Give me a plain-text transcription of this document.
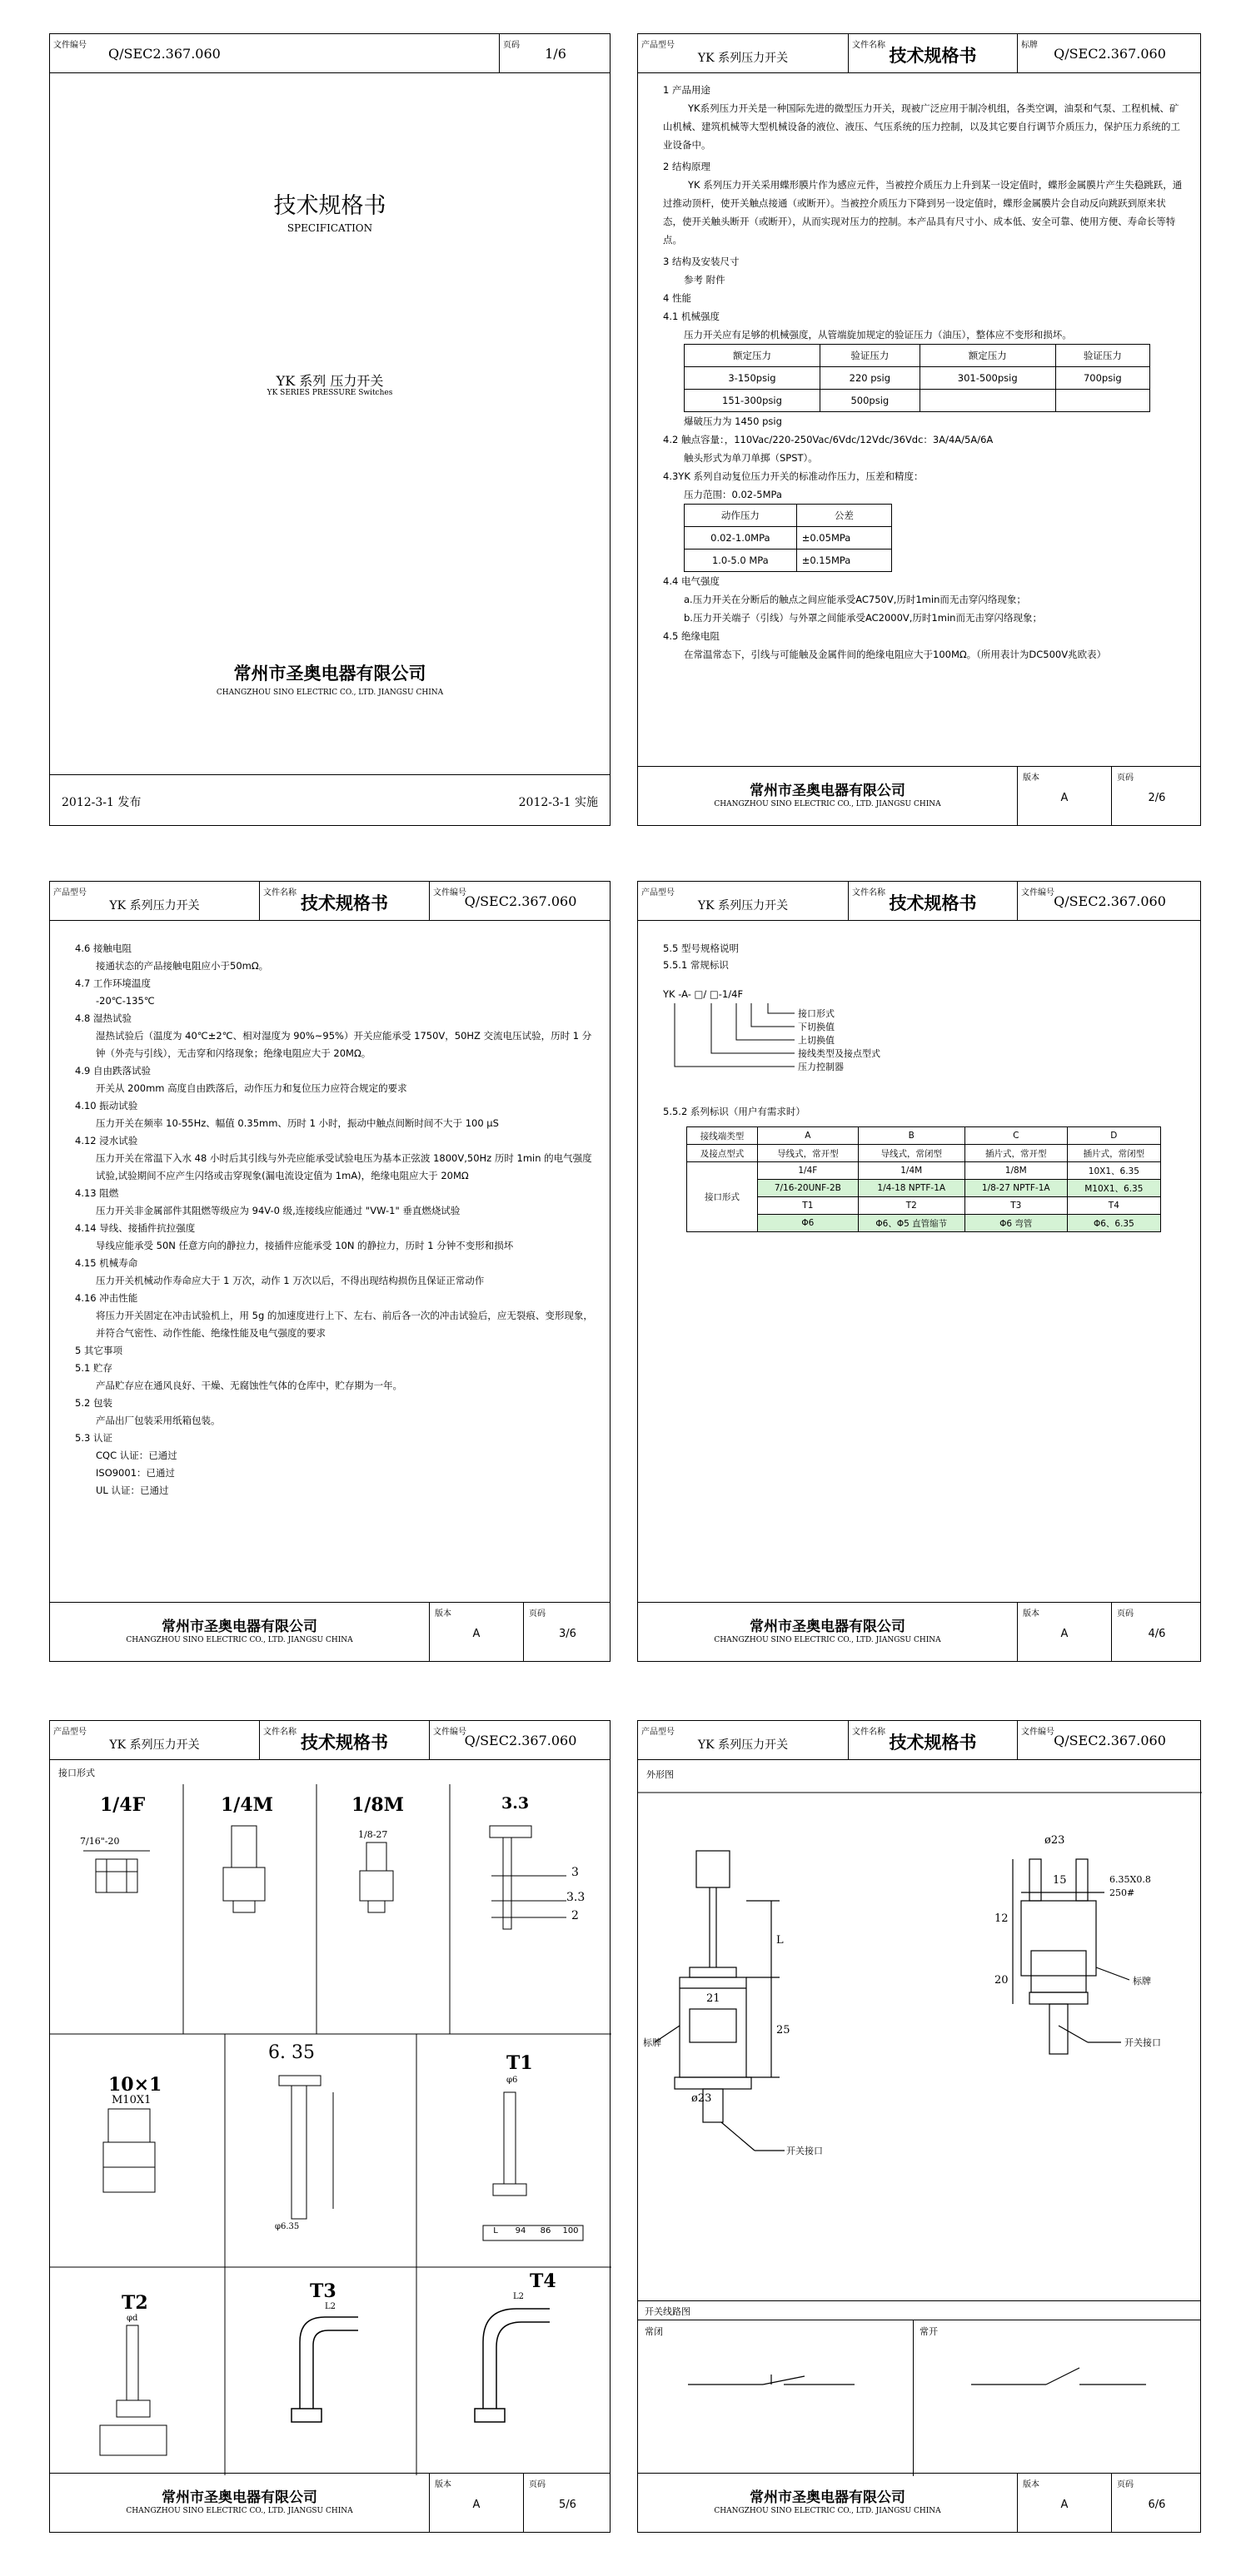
文件编号
Q/SEC2.367.060
页码
1/6
技术规格书
SPECIFICATION
YK 系列 压力开关
YK SERIES PRESSURE Switches
常州市圣奥电器有限公司
CHANGZHOU SINO ELECTRIC CO., LTD. JIANGSU CHINA
2012-3-1 发布	2012-3-1 实施
产品型号
YK 系列压力开关
文件名称 技术规格书	标牌
Q/SEC2.367.060

1 产品用途

YK系列压力开关是一种国际先进的微型压力开关，现被广泛应用于制冷机组，各类空调，油泵和气泵、工程机械、矿山机械、建筑机械等大型机械设备的液位、液压、气压系统的压力控制，以及其它要自行调节介质压力，保护压力系统的工业设备中。

2 结构原理

YK 系列压力开关采用蝶形膜片作为感应元件，当被控介质压力上升到某一设定值时，蝶形金属膜片产生失稳跳跃，通过推动顶杆，使开关触点接通（或断开）。当被控介质压力下降到另一设定值时，蝶形金属膜片会自动反向跳跃到原来状态，使开关触头断开（或断开），从而实现对压力的控制。本产品具有尺寸小、成本低、安全可靠、使用方便、寿命长等特点。

3 结构及安装尺寸

参考 附件

4 性能

4.1 机械强度

压力开关应有足够的机械强度，从管端旋加规定的验证压力（油压），整体应不变形和损坏。

额定压力	验证压力	额定压力	验证压力
3-150psig	220 psig	301-500psig	700psig
151-300psig	500psig		

爆破压力为 1450 psig

4.2 触点容量：，110Vac/220-250Vac/6Vdc/12Vdc/36Vdc：3A/4A/5A/6A

触头形式为单刀单掷（SPST）。

4.3YK 系列自动复位压力开关的标准动作压力，压差和精度：

压力范围：0.02-5MPa

动作压力	公差
0.02-1.0MPa	±0.05MPa
1.0-5.0 MPa	±0.15MPa

4.4 电气强度

a.压力开关在分断后的触点之间应能承受AC750V,历时1min而无击穿闪络现象；

b.压力开关端子（引线）与外罩之间能承受AC2000V,历时1min而无击穿闪络现象；

4.5 绝缘电阻

在常温常态下，引线与可能触及金属件间的绝缘电阻应大于100MΩ。（所用表计为DC500V兆欧表）

常州市圣奥电器有限公司
CHANGZHOU SINO ELECTRIC CO., LTD. JIANGSU CHINA
版本
A
页码
2/6
产品型号
YK 系列压力开关
文件名称 技术规格书	文件编号
Q/SEC2.367.060

4.6 接触电阻

接通状态的产品接触电阻应小于50mΩ。

4.7 工作环境温度

-20℃-135℃

4.8 湿热试验

湿热试验后（温度为 40℃±2℃、相对湿度为 90%~95%）开关应能承受 1750V，50HZ 交流电压试验，历时 1 分钟（外壳与引线），无击穿和闪络现象；绝缘电阻应大于 20MΩ。

4.9 自由跌落试验

开关从 200mm 高度自由跌落后，动作压力和复位压力应符合规定的要求

4.10 振动试验

压力开关在频率 10-55Hz、幅值 0.35mm、历时 1 小时，振动中触点间断时间不大于 100 μS

4.12 浸水试验

压力开关在常温下入水 48 小时后其引线与外壳应能承受试验电压为基本正弦波 1800V,50Hz 历时 1min 的电气强度试验,试验期间不应产生闪络或击穿现象(漏电流设定值为 1mA)，绝缘电阻应大于 20MΩ

4.13 阻燃

压力开关非金属部件其阻燃等级应为 94V-0 级,连接线应能通过 "VW-1" 垂直燃烧试验

4.14 导线、接插件抗拉强度

导线应能承受 50N 任意方向的静拉力，接插件应能承受 10N 的静拉力，历时 1 分钟不变形和损坏

4.15 机械寿命

压力开关机械动作寿命应大于 1 万次，动作 1 万次以后，不得出现结构损伤且保证正常动作

4.16 冲击性能

将压力开关固定在冲击试验机上，用 5g 的加速度进行上下、左右、前后各一次的冲击试验后，应无裂痕、变形现象，并符合气密性、动作性能、绝缘性能及电气强度的要求

5 其它事项

5.1 贮存

产品贮存应在通风良好、干燥、无腐蚀性气体的仓库中，贮存期为一年。

5.2 包装

产品出厂包装采用纸箱包装。

5.3 认证

CQC 认证：已通过

ISO9001：已通过

UL 认证：已通过

常州市圣奥电器有限公司
CHANGZHOU SINO ELECTRIC CO., LTD. JIANGSU CHINA
版本
A
页码
3/6
产品型号
YK 系列压力开关
文件名称 技术规格书	文件编号
Q/SEC2.367.060

5.5 型号规格说明

5.5.1 常规标识

YK -A- □/ □-1/4F
接口形式
下切换值
上切换值
接线类型及接点型式
压力控制器
5.5.2 系列标识（用户有需求时）
接线端类型	A	B	C	D
及接点型式	导线式，常开型	导线式，常闭型	插片式，常开型	插片式，常闭型
接口形式	1/4F	1/4M	1/8M	10X1、6.35
	7/16-20UNF-2B	1/4-18 NPTF-1A	1/8-27 NPTF-1A	M10X1、6.35
	T1	T2	T3	T4
	Φ6	Φ6、Φ5 直管缩节	Φ6 弯管	Φ6、6.35
常州市圣奥电器有限公司
CHANGZHOU SINO ELECTRIC CO., LTD. JIANGSU CHINA
版本
A
页码
4/6
产品型号
YK 系列压力开关
文件名称 技术规格书	文件编号
Q/SEC2.367.060
接口形式
1/4F
7/16"-20
1/4M	1/8M
1/8-27
3.3
3
3.3
2
10×1
M10X1
6. 35
φ6.35
T1
φ6
L	94	86	100
T2
φd
T3
L2
T4
L2
常州市圣奥电器有限公司
CHANGZHOU SINO ELECTRIC CO., LTD. JIANGSU CHINA
版本
A
页码
5/6
产品型号
YK 系列压力开关
文件名称 技术规格书	文件编号
Q/SEC2.367.060
外形图
21
25
L
ø23
标牌
开关接口
ø23
15	6.35X0.8
250#
12
20	标牌
开关接口
开关线路图
常闭	常开
常州市圣奥电器有限公司
CHANGZHOU SINO ELECTRIC CO., LTD. JIANGSU CHINA
版本
A
页码
6/6
